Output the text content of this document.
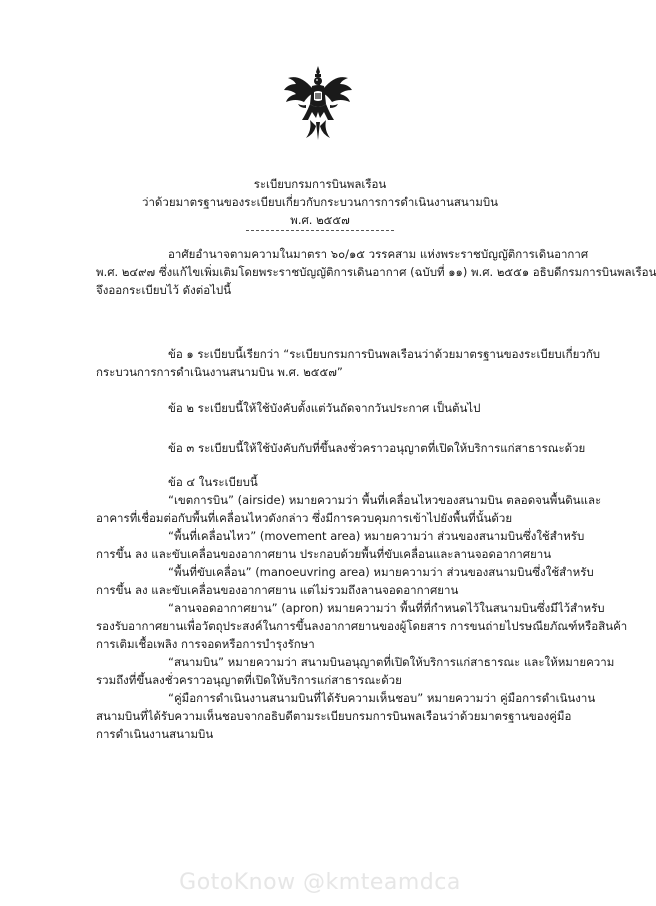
ระเบียบกรมการบินพลเรือน
ว่าด้วยมาตรฐานของระเบียบเกี่ยวกับกระบวนการการดำเนินงานสนามบิน
พ.ศ. ๒๕๕๗
อาศัยอำนาจตามความในมาตรา ๖๐/๑๕ วรรคสาม แห่งพระราชบัญญัติการเดินอากาศ
พ.ศ. ๒๔๙๗ ซึ่งแก้ไขเพิ่มเติมโดยพระราชบัญญัติการเดินอากาศ (ฉบับที่ ๑๑) พ.ศ. ๒๕๕๑ อธิบดีกรมการบินพลเรือน
จึงออกระเบียบไว้ ดังต่อไปนี้
ข้อ ๑ ระเบียบนี้เรียกว่า “ระเบียบกรมการบินพลเรือนว่าด้วยมาตรฐานของระเบียบเกี่ยวกับ
กระบวนการการดำเนินงานสนามบิน พ.ศ. ๒๕๕๗”
ข้อ ๒ ระเบียบนี้ให้ใช้บังคับตั้งแต่วันถัดจากวันประกาศ เป็นต้นไป
ข้อ ๓ ระเบียบนี้ให้ใช้บังคับกับที่ขึ้นลงชั่วคราวอนุญาตที่เปิดให้บริการแก่สาธารณะด้วย
ข้อ ๔ ในระเบียบนี้
“เขตการบิน” (airside) หมายความว่า พื้นที่เคลื่อนไหวของสนามบิน ตลอดจนพื้นดินและ
อาคารที่เชื่อมต่อกับพื้นที่เคลื่อนไหวดังกล่าว ซึ่งมีการควบคุมการเข้าไปยังพื้นที่นั้นด้วย
“พื้นที่เคลื่อนไหว” (movement area) หมายความว่า ส่วนของสนามบินซึ่งใช้สำหรับ
การขึ้น ลง และขับเคลื่อนของอากาศยาน ประกอบด้วยพื้นที่ขับเคลื่อนและลานจอดอากาศยาน
“พื้นที่ขับเคลื่อน” (manoeuvring area) หมายความว่า ส่วนของสนามบินซึ่งใช้สำหรับ
การขึ้น ลง และขับเคลื่อนของอากาศยาน แต่ไม่รวมถึงลานจอดอากาศยาน
“ลานจอดอากาศยาน” (apron) หมายความว่า พื้นที่ที่กำหนดไว้ในสนามบินซึ่งมีไว้สำหรับ
รองรับอากาศยานเพื่อวัตถุประสงค์ในการขึ้นลงอากาศยานของผู้โดยสาร การขนถ่ายไปรษณียภัณฑ์หรือสินค้า
การเติมเชื้อเพลิง การจอดหรือการบำรุงรักษา
“สนามบิน” หมายความว่า สนามบินอนุญาตที่เปิดให้บริการแก่สาธารณะ และให้หมายความ
รวมถึงที่ขึ้นลงชั่วคราวอนุญาตที่เปิดให้บริการแก่สาธารณะด้วย
“คู่มือการดำเนินงานสนามบินที่ได้รับความเห็นชอบ” หมายความว่า คู่มือการดำเนินงาน
สนามบินที่ได้รับความเห็นชอบจากอธิบดีตามระเบียบกรมการบินพลเรือนว่าด้วยมาตรฐานของคู่มือ
การดำเนินงานสนามบิน
GotoKnow @kmteamdca
